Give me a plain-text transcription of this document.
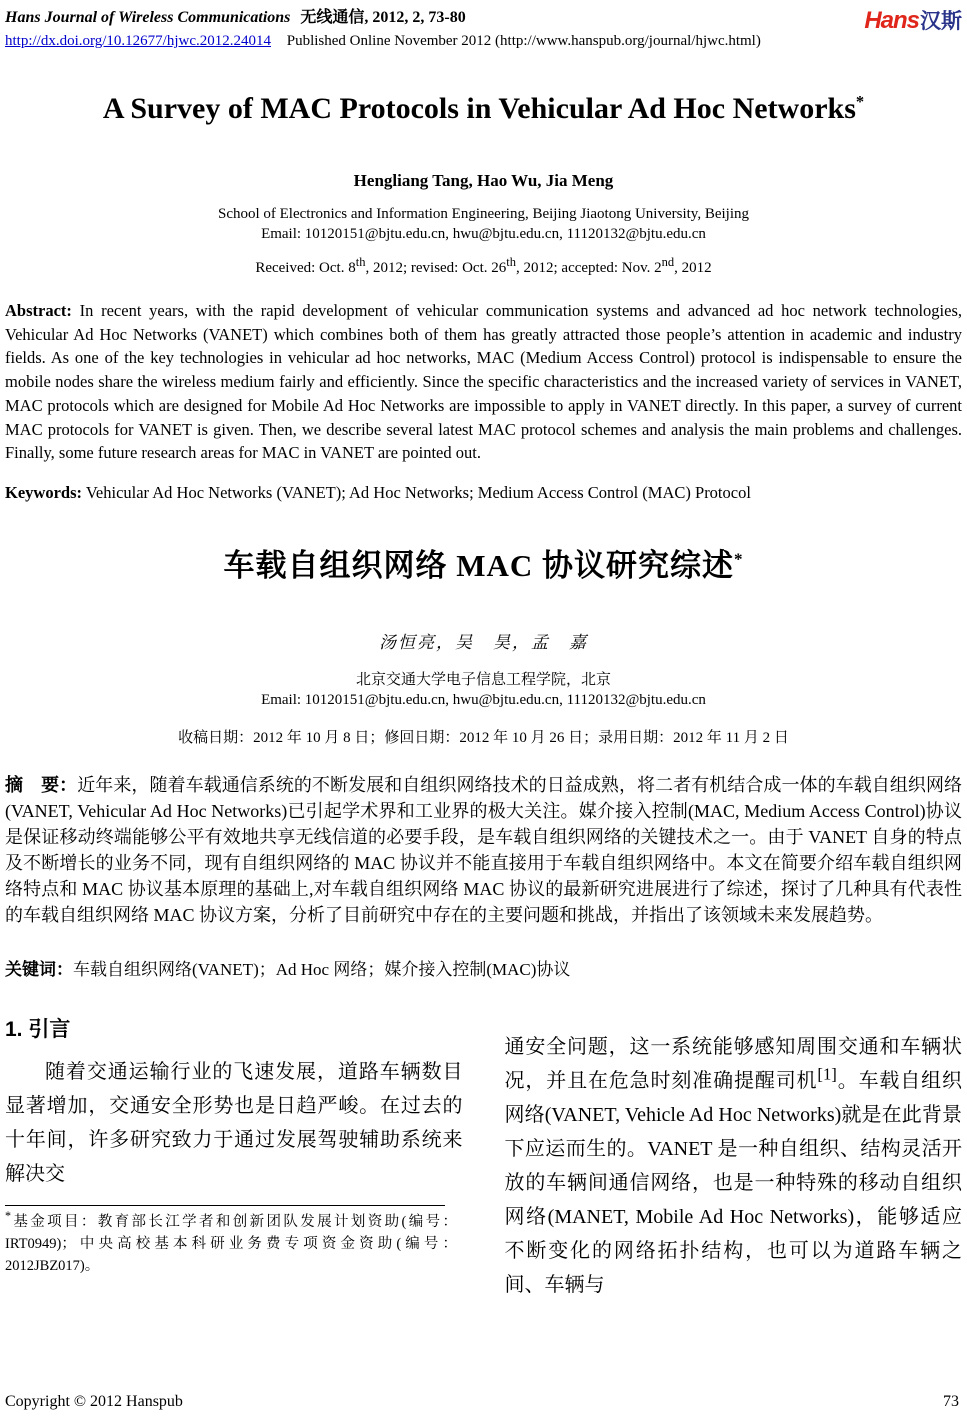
Hans Journal of Wireless Communications 无线通信, 2012, 2, 73-80
http://dx.doi.org/10.12677/hjwc.2012.24014 Published Online November 2012 (http://www.hanspub.org/journal/hjwc.html)
Hans汉斯
A Survey of MAC Protocols in Vehicular Ad Hoc Networks*
Hengliang Tang, Hao Wu, Jia Meng
School of Electronics and Information Engineering, Beijing Jiaotong University, Beijing
Email: 10120151@bjtu.edu.cn, hwu@bjtu.edu.cn, 11120132@bjtu.edu.cn
Received: Oct. 8th, 2012; revised: Oct. 26th, 2012; accepted: Nov. 2nd, 2012

Abstract: In recent years, with the rapid development of vehicular communication systems and advanced ad hoc network technologies, Vehicular Ad Hoc Networks (VANET) which combines both of them has greatly attracted those people’s attention in academic and industry fields. As one of the key technologies in vehicular ad hoc networks, MAC (Medium Access Control) protocol is indispensable to ensure the mobile nodes share the wireless medium fairly and efficiently. Since the specific characteristics and the increased variety of services in VANET, MAC protocols which are designed for Mobile Ad Hoc Networks are impossible to apply in VANET directly. In this paper, a survey of current MAC protocols for VANET is given. Then, we describe several latest MAC protocol schemes and analysis the main problems and challenges. Finally, some future research areas for MAC in VANET are pointed out.

Keywords: Vehicular Ad Hoc Networks (VANET); Ad Hoc Networks; Medium Access Control (MAC) Protocol

车载自组织网络 MAC 协议研究综述*
汤恒亮，吴　昊，孟　嘉
北京交通大学电子信息工程学院，北京
Email: 10120151@bjtu.edu.cn, hwu@bjtu.edu.cn, 11120132@bjtu.edu.cn
收稿日期：2012 年 10 月 8 日；修回日期：2012 年 10 月 26 日；录用日期：2012 年 11 月 2 日

摘　要：近年来，随着车载通信系统的不断发展和自组织网络技术的日益成熟，将二者有机结合成一体的车载自组织网络(VANET, Vehicular Ad Hoc Networks)已引起学术界和工业界的极大关注。媒介接入控制(MAC, Medium Access Control)协议是保证移动终端能够公平有效地共享无线信道的必要手段，是车载自组织网络的关键技术之一。由于 VANET 自身的特点及不断增长的业务不同，现有自组织网络的 MAC 协议并不能直接用于车载自组织网络中。本文在简要介绍车载自组织网络特点和 MAC 协议基本原理的基础上,对车载自组织网络 MAC 协议的最新研究进展进行了综述，探讨了几种具有代表性的车载自组织网络 MAC 协议方案，分析了目前研究中存在的主要问题和挑战，并指出了该领域未来发展趋势。

关键词：车载自组织网络(VANET)；Ad Hoc 网络；媒介接入控制(MAC)协议

1. 引言

随着交通运输行业的飞速发展，道路车辆数目显著增加，交通安全形势也是日趋严峻。在过去的十年间，许多研究致力于通过发展驾驶辅助系统来解决交

*基金项目：教育部长江学者和创新团队发展计划资助(编号：IRT0949)；中央高校基本科研业务费专项资金资助(编号：2012JBZ017)。

通安全问题，这一系统能够感知周围交通和车辆状况，并且在危急时刻准确提醒司机[1]。车载自组织网络(VANET, Vehicle Ad Hoc Networks)就是在此背景下应运而生的。VANET 是一种自组织、结构灵活开放的车辆间通信网络，也是一种特殊的移动自组织网络(MANET, Mobile Ad Hoc Networks)，能够适应不断变化的网络拓扑结构，也可以为道路车辆之间、车辆与

Copyright © 2012 Hanspub	73
